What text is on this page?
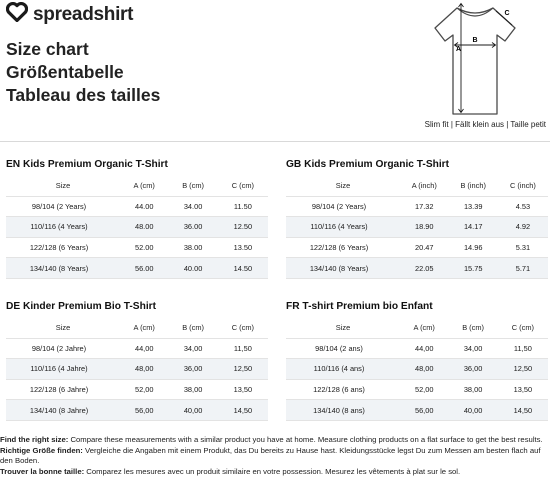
spreadshirt
Size chart
Größentabelle
Tableau des tailles
A
B
C
Slim fit | Fällt klein aus | Taille petit
EN Kids Premium Organic T-Shirt
Size	A (cm)	B (cm)	C (cm)
98/104 (2 Years)	44.00	34.00	11.50
110/116 (4 Years)	48.00	36.00	12.50
122/128 (6 Years)	52.00	38.00	13.50
134/140 (8 Years)	56.00	40.00	14.50
GB Kids Premium Organic T-Shirt
Size	A (inch)	B (inch)	C (inch)
98/104 (2 Years)	17.32	13.39	4.53
110/116 (4 Years)	18.90	14.17	4.92
122/128 (6 Years)	20.47	14.96	5.31
134/140 (8 Years)	22.05	15.75	5.71
DE Kinder Premium Bio T-Shirt
Size	A (cm)	B (cm)	C (cm)
98/104 (2 Jahre)	44,00	34,00	11,50
110/116 (4 Jahre)	48,00	36,00	12,50
122/128 (6 Jahre)	52,00	38,00	13,50
134/140 (8 Jahre)	56,00	40,00	14,50
FR T-shirt Premium bio Enfant
Size	A (cm)	B (cm)	C (cm)
98/104 (2 ans)	44,00	34,00	11,50
110/116 (4 ans)	48,00	36,00	12,50
122/128 (6 ans)	52,00	38,00	13,50
134/140 (8 ans)	56,00	40,00	14,50

Find the right size: Compare these measurements with a similar product you have at home. Measure clothing products on a flat surface to get the best results.

Richtige Größe finden: Vergleiche die Angaben mit einem Produkt, das Du bereits zu Hause hast. Kleidungsstücke legst Du zum Messen am besten flach auf den Boden.

Trouver la bonne taille: Comparez les mesures avec un produit similaire en votre possession. Mesurez les vêtements à plat sur le sol.
